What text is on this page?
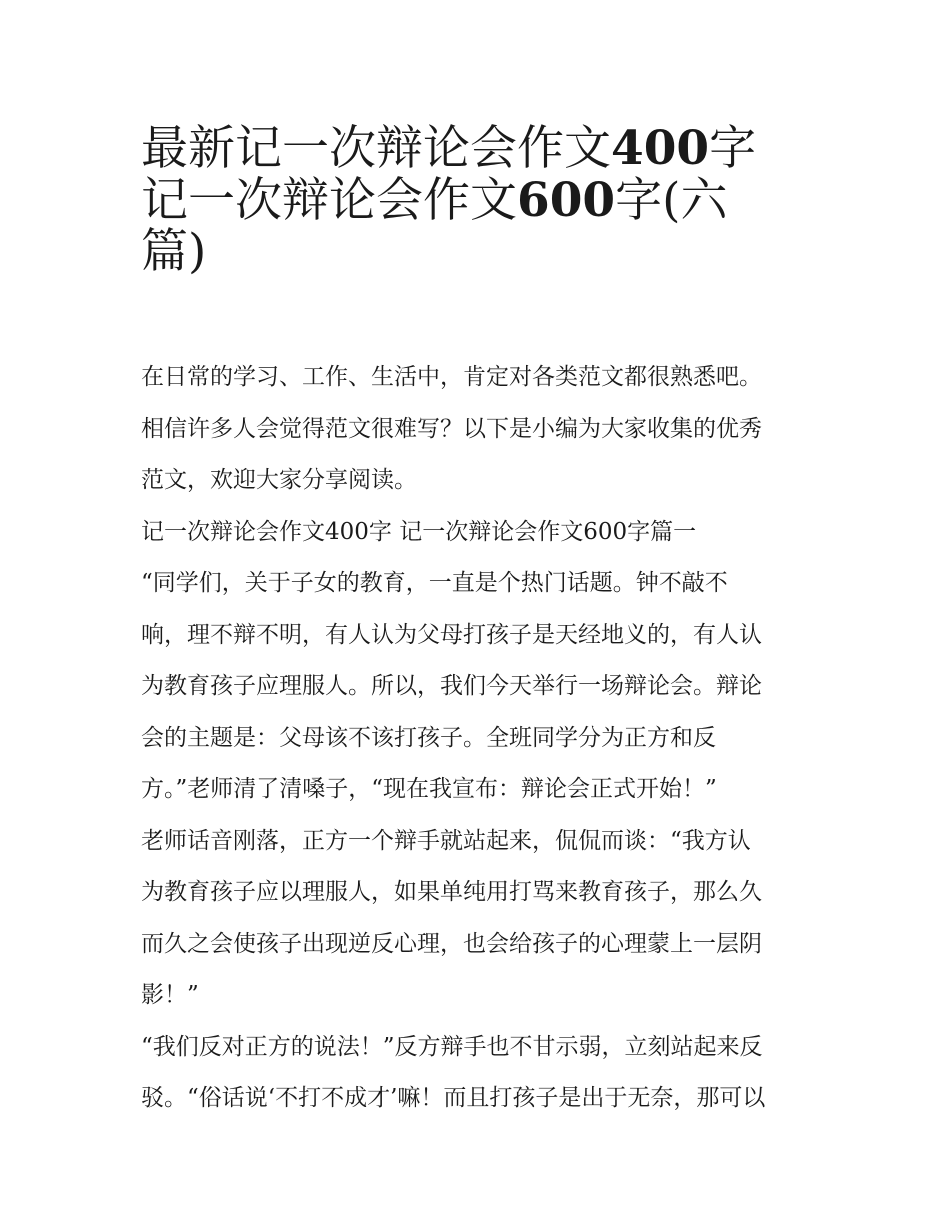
最新记一次辩论会作文400字
记一次辩论会作文600字(六
篇)

在日常的学习、工作、生活中，肯定对各类范文都很熟悉吧。
相信许多人会觉得范文很难写？以下是小编为大家收集的优秀
范文，欢迎大家分享阅读。
记一次辩论会作文400字 记一次辩论会作文600字篇一
“同学们，关于子女的教育，一直是个热门话题。钟不敲不
响，理不辩不明，有人认为父母打孩子是天经地义的，有人认
为教育孩子应理服人。所以，我们今天举行一场辩论会。辩论
会的主题是：父母该不该打孩子。全班同学分为正方和反
方。”老师清了清嗓子，“现在我宣布：辩论会正式开始！”
老师话音刚落，正方一个辩手就站起来，侃侃而谈：“我方认
为教育孩子应以理服人，如果单纯用打骂来教育孩子，那么久
而久之会使孩子出现逆反心理，也会给孩子的心理蒙上一层阴
影！”
“我们反对正方的说法！”反方辩手也不甘示弱，立刻站起来反
驳。“俗话说‘不打不成才’嘛！而且打孩子是出于无奈，那可以
